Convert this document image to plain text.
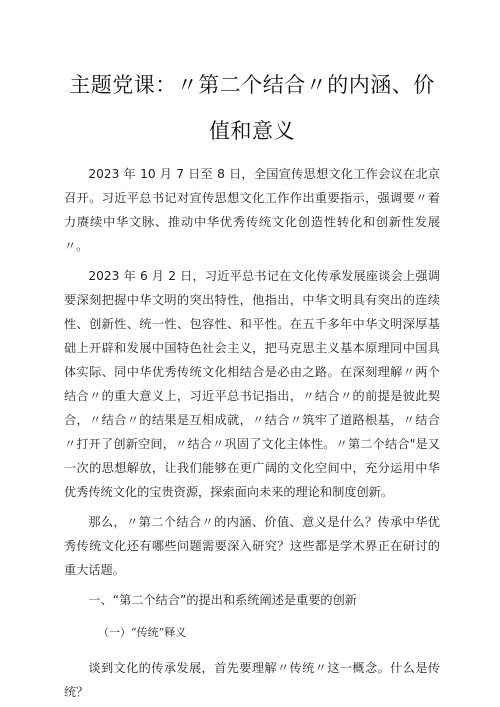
主题党课：〃第二个结合〃的内涵、价
值和意义

2023 年 10 月 7 日至 8 日，全国宣传思想文化工作会议在北京召开。习近平总书记对宣传思想文化工作作出重要指示，强调要〃着力赓续中华文脉、推动中华优秀传统文化创造性转化和创新性发展〃。

2023 年 6 月 2 日，习近平总书记在文化传承发展座谈会上强调要深刻把握中华文明的突出特性，他指出，中华文明具有突出的连续性、创新性、统一性、包容性、和平性。在五千多年中华文明深厚基础上开辟和发展中国特色社会主义，把马克思主义基本原理同中国具体实际、同中华优秀传统文化相结合是必由之路。在深刻理解〃两个结合〃的重大意义上，习近平总书记指出，〃结合〃的前提是彼此契合，〃结合〃的结果是互相成就，〃结合〃筑牢了道路根基，〃结合〃打开了创新空间，〃结合〃巩固了文化主体性。〃第二个结合"是又一次的思想解放，让我们能够在更广阔的文化空间中，充分运用中华优秀传统文化的宝贵资源，探索面向未来的理论和制度创新。

那么，〃第二个结合〃的内涵、价值、意义是什么？传承中华优秀传统文化还有哪些问题需要深入研究？这些都是学术界正在研讨的重大话题。

一、“第二个结合”的提出和系统阐述是重要的创新
（一）“传统”释义

谈到文化的传承发展，首先要理解〃传统〃这一概念。什么是传统？
